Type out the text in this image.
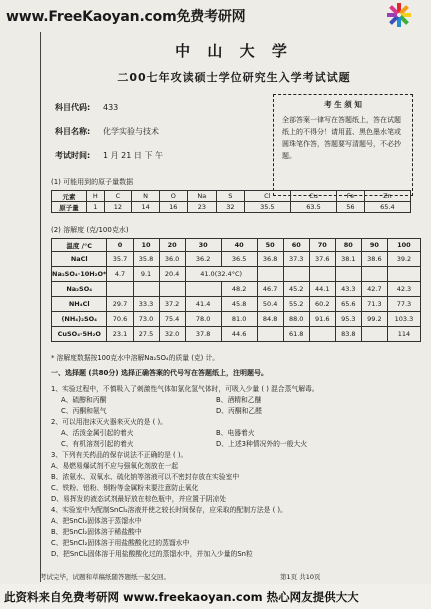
www.FreeKaoyan.com免费考研网
中 山 大 学
二00七年攻读硕士学位研究生入学考试试题
科目代码: 433
科目名称: 化学实验与技术
考试时间: 1 月 21 日 下 午
考 生 须 知
全部答案一律写在答题纸上，答在试题纸上的不得分！请用蓝、黑色墨水笔或圆珠笔作答，答题要写清题号，不必抄题。
(1) 可能用到的原子量数据
元素	H	C	N	O	Na	S	Cl	Cu	Fe	Zn
原子量	1	12	14	16	23	32	35.5	63.5	56	65.4
(2) 溶解度 (克/100克水)
温度 /°C	0	10	20	30	40	50	60	70	80	90	100
NaCl	35.7	35.8	36.0	36.2	36.5	36.8	37.3	37.6	38.1	38.6	39.2
Na₂SO₄·10H₂O*	4.7	9.1	20.4	41.0(32.4°C)							
Na₂SO₄					48.2	46.7	45.2	44.1	43.3	42.7	42.3
NH₄Cl	29.7	33.3	37.2	41.4	45.8	50.4	55.2	60.2	65.6	71.3	77.3
(NH₄)₂SO₄	70.6	73.0	75.4	78.0	81.0	84.8	88.0	91.6	95.3	99.2	103.3
CuSO₄·5H₂O	23.1	27.5	32.0	37.8	44.6		61.8		83.8		114
* 溶解度数据按100克水中溶解Na₂SO₄的质量 (克) 计。
一、选择题 (共80分) 选择正确答案的代号写在答题纸上，注明题号。
1、实验过程中，不慎吸入了刺激性气体如氯化氢气体时，可吸入少量 ( ) 混合蒸气解毒。
A、硫醇和丙酮	B、酒精和乙醚
C、丙酮和氨气	D、丙酮和乙醛
2、可以用泡沫灭火器来灭火的是 ( )。
A、活泼金属引起的着火	B、电器着火
C、有机溶剂引起的着火	D、上述3种情况外的一般大火
3、下列有关药品的保存说法不正确的是 ( )。
A、易燃易爆试剂不应与强氧化剂放在一起
B、浓氨水、双氧水、硫化钠等溶液可以不密封存放在实验室中
C、铁粉、铝粉、钢粉等金属粉末要注意防止氧化
D、易挥发的液态试剂最好放在棕色瓶中，并应置于阴凉处
4、实验室中为配制SnCl₂溶液并使之较长时间保存，应采取的配制方法是 ( )。
A、把SnCl₂固体溶于蒸馏水中
B、把SnCl₂固体溶于稀盐酸中
C、把SnCl₂固体溶于用盐酸酸化过的蒸馏水中
D、把SnCl₂固体溶于用盐酸酸化过的蒸馏水中，并加入少量的Sn粒
考试完毕，试题和草稿纸随答题纸一起交回。	第1页 共10页
此资料来自免费考研网 www.freekaoyan.com 热心网友提供大大
